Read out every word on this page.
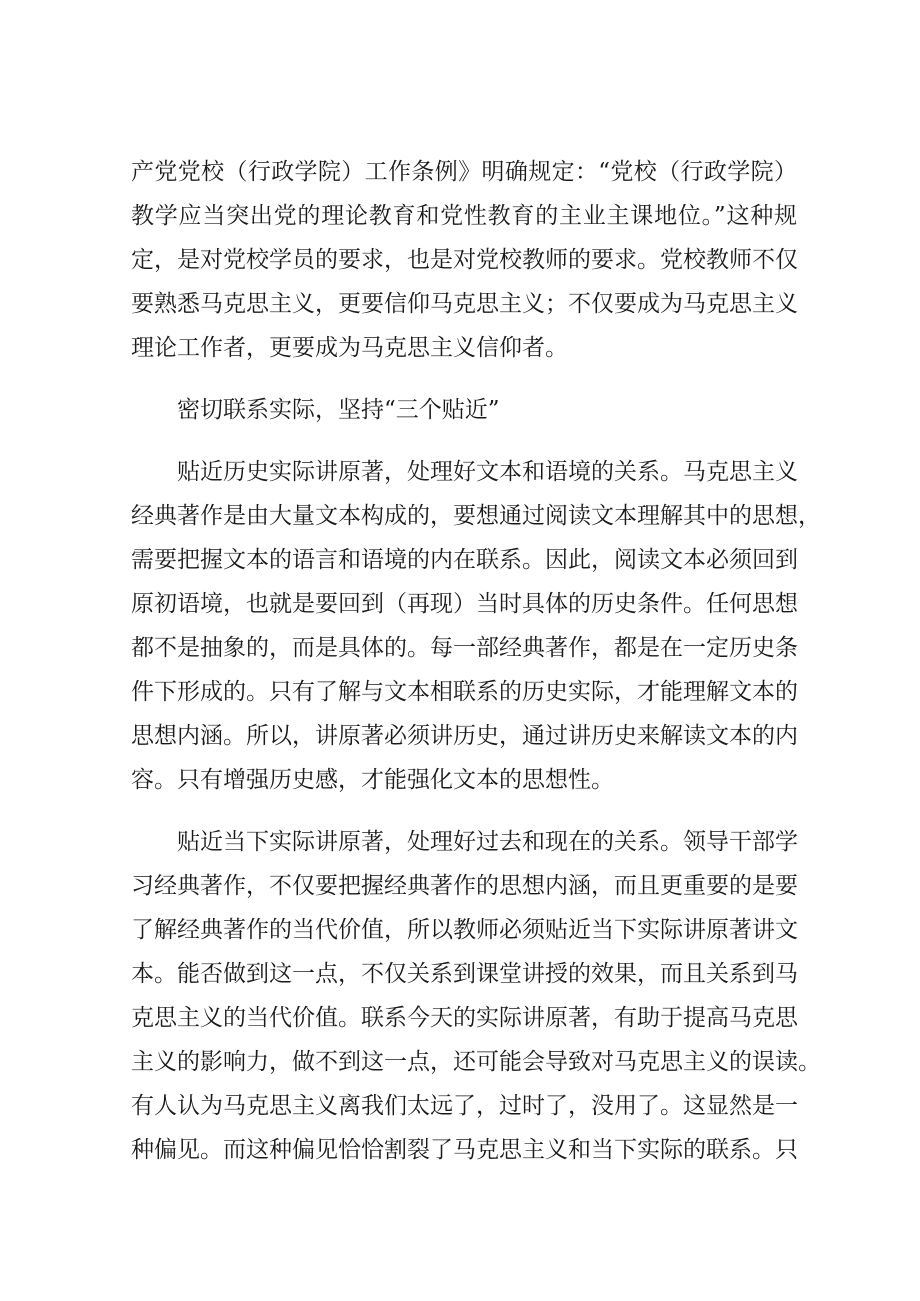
产党党校（行政学院）工作条例》明确规定：“党校（行政学院）
教学应当突出党的理论教育和党性教育的主业主课地位。”这种规
定，是对党校学员的要求，也是对党校教师的要求。党校教师不仅
要熟悉马克思主义，更要信仰马克思主义；不仅要成为马克思主义
理论工作者，更要成为马克思主义信仰者。
密切联系实际，坚持“三个贴近”
贴近历史实际讲原著，处理好文本和语境的关系。马克思主义
经典著作是由大量文本构成的，要想通过阅读文本理解其中的思想，
需要把握文本的语言和语境的内在联系。因此，阅读文本必须回到
原初语境，也就是要回到（再现）当时具体的历史条件。任何思想
都不是抽象的，而是具体的。每一部经典著作，都是在一定历史条
件下形成的。只有了解与文本相联系的历史实际，才能理解文本的
思想内涵。所以，讲原著必须讲历史，通过讲历史来解读文本的内
容。只有增强历史感，才能强化文本的思想性。
贴近当下实际讲原著，处理好过去和现在的关系。领导干部学
习经典著作，不仅要把握经典著作的思想内涵，而且更重要的是要
了解经典著作的当代价值，所以教师必须贴近当下实际讲原著讲文
本。能否做到这一点，不仅关系到课堂讲授的效果，而且关系到马
克思主义的当代价值。联系今天的实际讲原著，有助于提高马克思
主义的影响力，做不到这一点，还可能会导致对马克思主义的误读。
有人认为马克思主义离我们太远了，过时了，没用了。这显然是一
种偏见。而这种偏见恰恰割裂了马克思主义和当下实际的联系。只
